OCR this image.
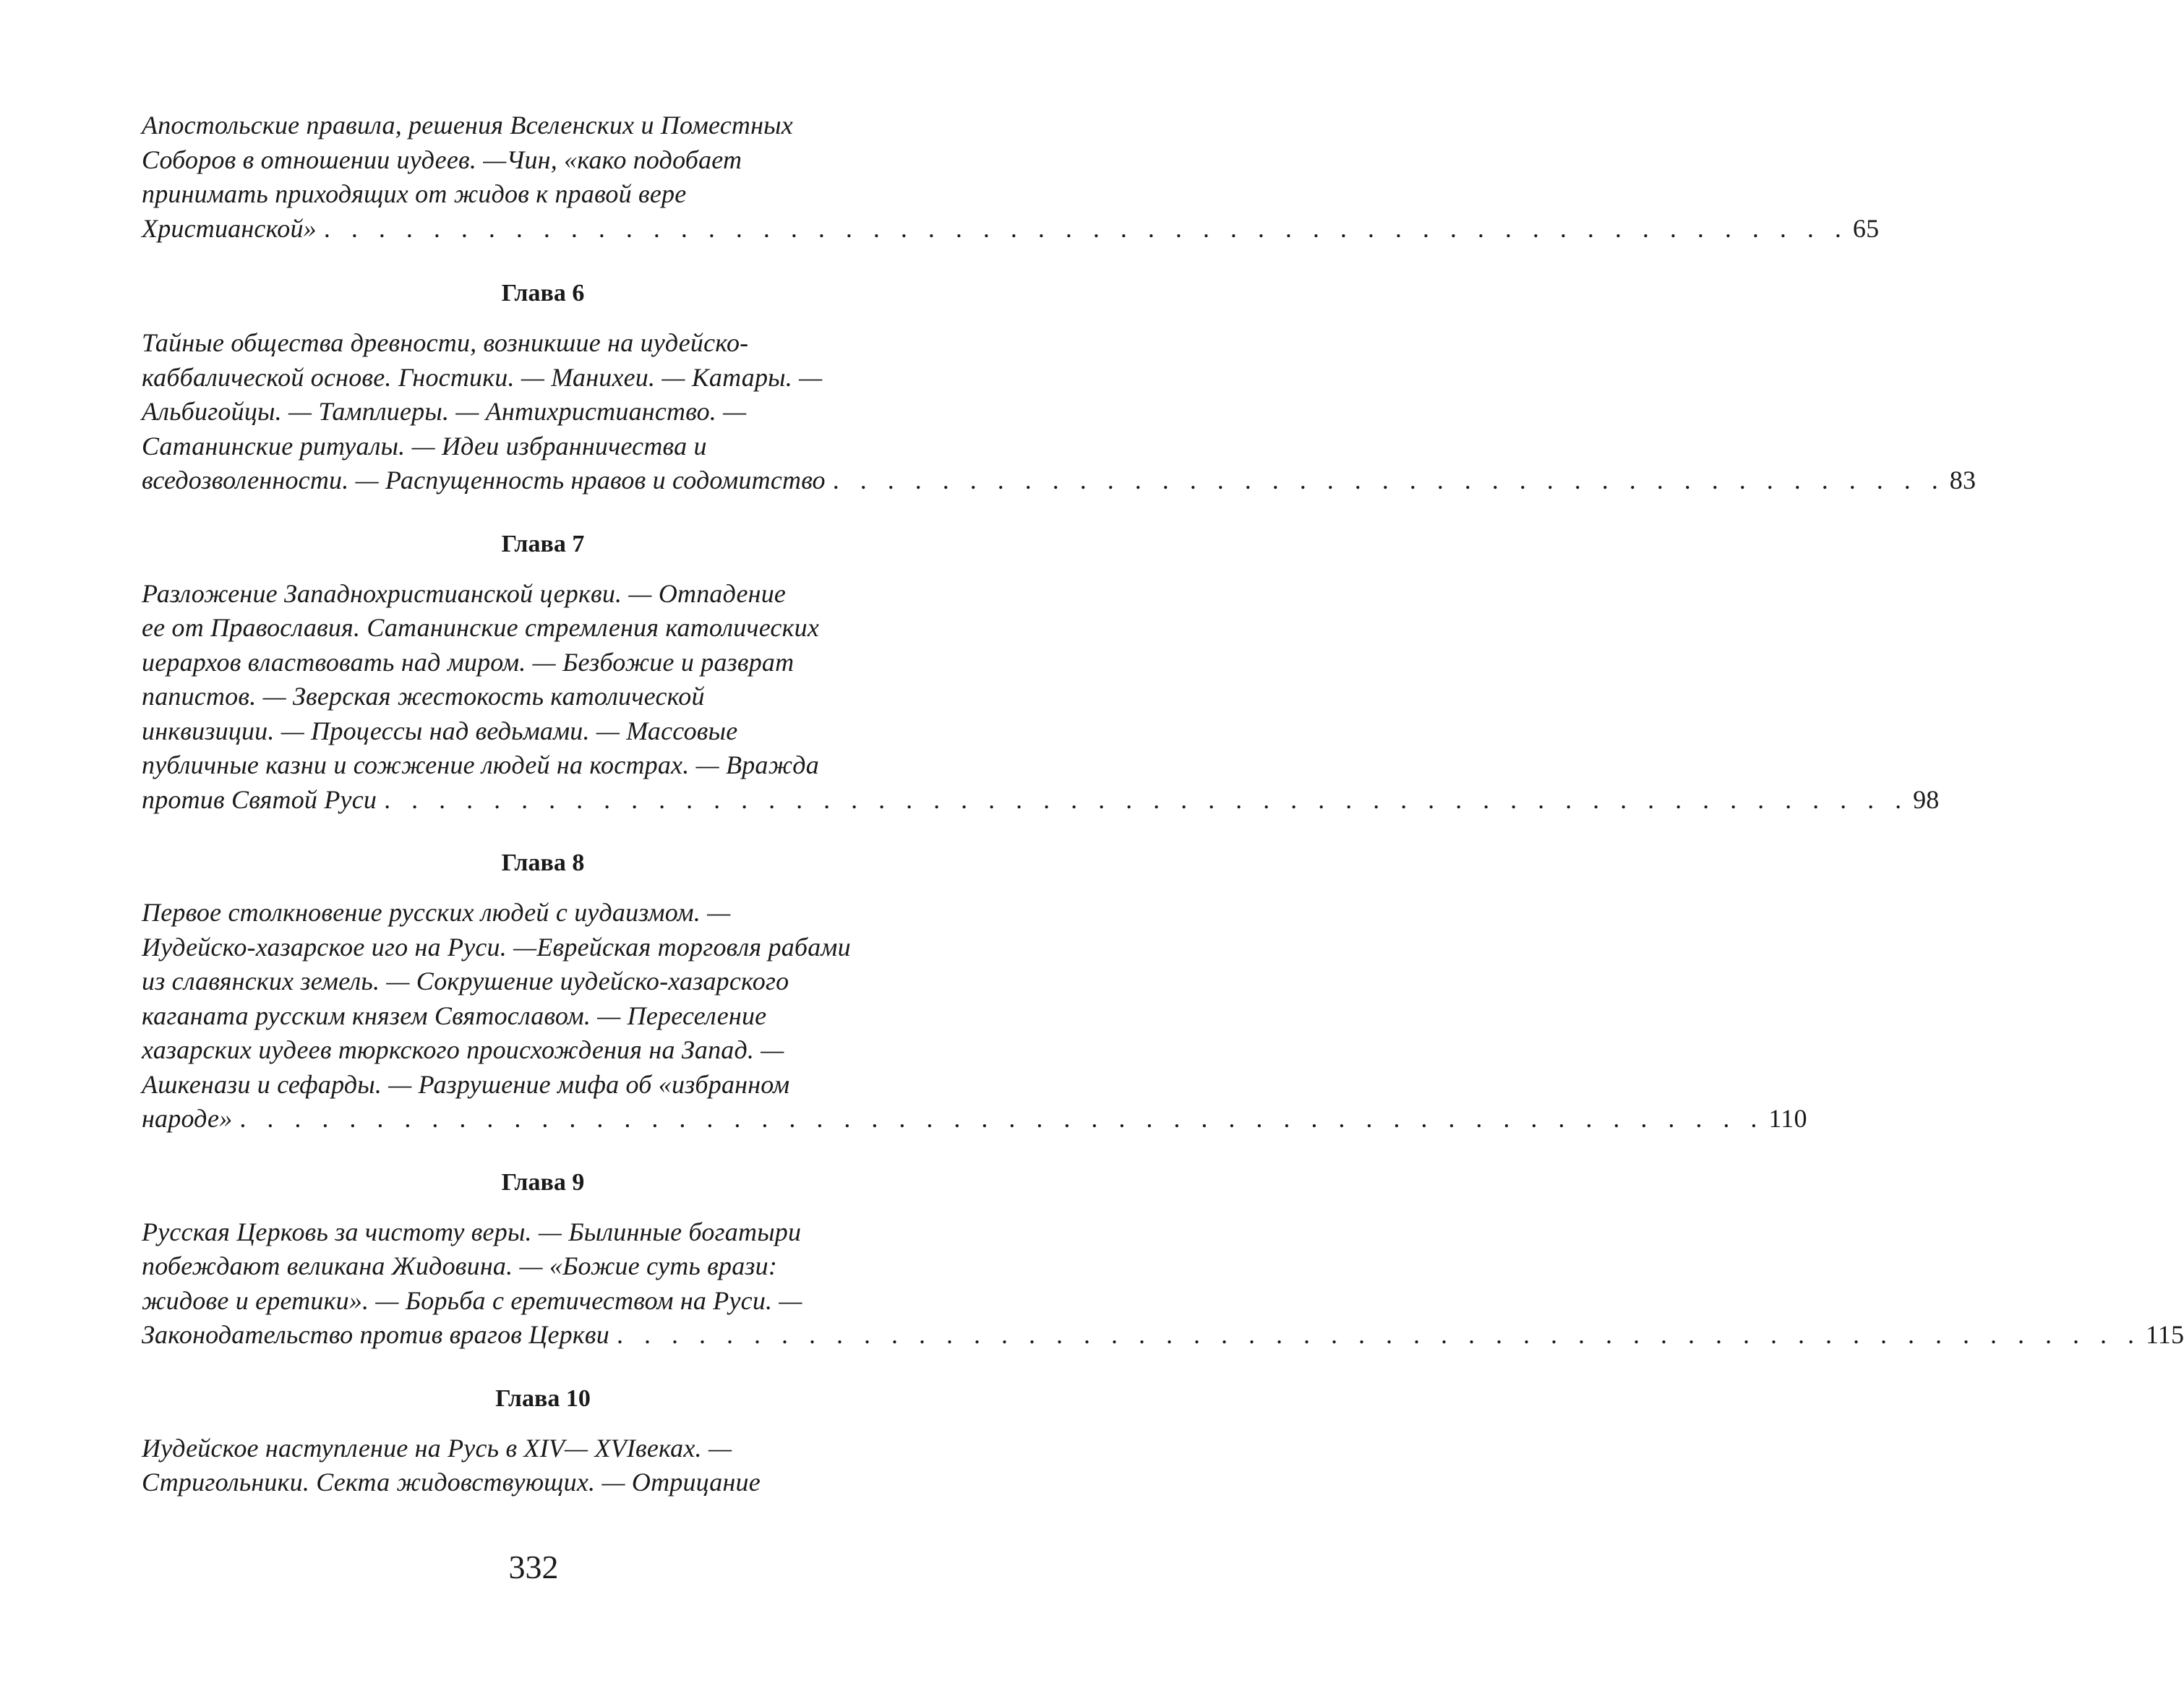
Апостольские правила, решения Вселенских и Поместных
Соборов в отношении иудеев. —Чин, «како подобает
принимать приходящих от жидов к правой вере
Христианской» . . . . . . . . . . . . . . . . . . . . . . . . . . . . . . . . . . . . . . . . . . . . . . . . . . . . . . . . 65
Глава 6
Тайные общества древности, возникшие на иудейско-
каббалической основе. Гностики. — Манихеи. — Катары. —
Альбигойцы. — Тамплиеры. — Антихристианство. —
Сатанинские ритуалы. — Идеи избранничества и
вседозволенности. — Распущенность нравов и содомитство . . . . . . . . . . . . . . . . . . . . . . . . . . . . . . . . . . . . . . . . . 83
Глава 7
Разложение Западнохристианской церкви. — Отпадение
ее от Православия. Сатанинские стремления католических
иерархов властвовать над миром. — Безбожие и разврат
папистов. — Зверская жестокость католической
инквизиции. — Процессы над ведьмами. — Массовые
публичные казни и сожжение людей на кострах. — Вражда
против Святой Руси . . . . . . . . . . . . . . . . . . . . . . . . . . . . . . . . . . . . . . . . . . . . . . . . . . . . . . . . 98
Глава 8
Первое столкновение русских людей с иудаизмом. —
Иудейско-хазарское иго на Руси. —Еврейская торговля рабами
из славянских земель. — Сокрушение иудейско-хазарского
каганата русским князем Святославом. — Переселение
хазарских иудеев тюркского происхождения на Запад. —
Ашкенази и сефарды. — Разрушение мифа об «избранном
народе» . . . . . . . . . . . . . . . . . . . . . . . . . . . . . . . . . . . . . . . . . . . . . . . . . . . . . . . . 110
Глава 9
Русская Церковь за чистоту веры. — Былинные богатыри
побеждают великана Жидовина. — «Божие суть врази:
жидове и еретики». — Борьба с еретичеством на Руси. —
Законодательство против врагов Церкви . . . . . . . . . . . . . . . . . . . . . . . . . . . . . . . . . . . . . . . . . . . . . . . . . . . . . . . . 115
Глава 10
Иудейское наступление на Русь в XIV— XVIвеках. —
Стригольники. Секта жидовствующих. — Отрицание
332
